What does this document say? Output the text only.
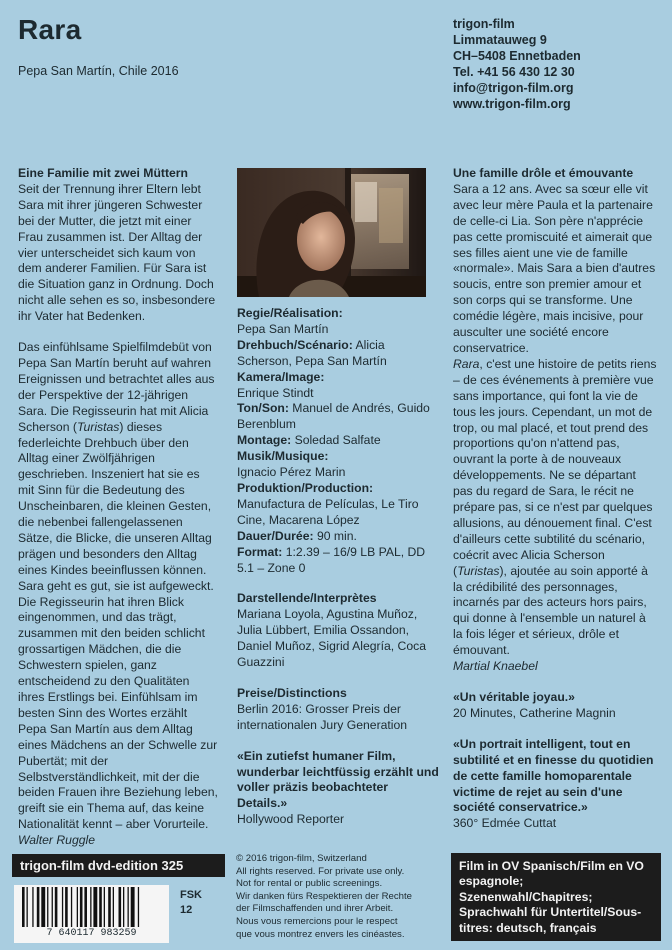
Rara
Pepa San Martín, Chile 2016
trigon-film
Limmatauweg 9
CH–5408 Ennetbaden
Tel. +41 56 430 12 30
info@trigon-film.org
www.trigon-film.org
Eine Familie mit zwei Müttern

Seit der Trennung ihrer Eltern lebt Sara mit ihrer jüngeren Schwester bei der Mutter, die jetzt mit einer Frau zusammen ist. Der Alltag der vier unterscheidet sich kaum von dem anderer Familien. Für Sara ist die Situation ganz in Ordnung. Doch nicht alle sehen es so, insbesondere ihr Vater hat Bedenken.

Das einfühlsame Spielfilmdebüt von Pepa San Martín beruht auf wahren Ereignissen und betrachtet alles aus der Perspektive der 12-jährigen Sara. Die Regisseurin hat mit Alicia Scherson (Turistas) dieses federleichte Drehbuch über den Alltag einer Zwölfjährigen geschrieben. Inszeniert hat sie es mit Sinn für die Bedeutung des Unscheinbaren, die kleinen Gesten, die nebenbei fallengelassenen Sätze, die Blicke, die unseren Alltag prägen und besonders den Alltag eines Kindes beeinflussen können. Sara geht es gut, sie ist aufgeweckt. Die Regisseurin hat ihren Blick eingenommen, und das trägt, zusammen mit den beiden schlicht grossartigen Mädchen, die die Schwestern spielen, ganz entscheidend zu den Qualitäten ihres Erstlings bei. Einfühlsam im besten Sinn des Wortes erzählt Pepa San Martín aus dem Alltag eines Mädchens an der Schwelle zur Pubertät; mit der Selbstverständlichkeit, mit der die beiden Frauen ihre Beziehung leben, greift sie ein Thema auf, das keine Nationalität kennt – aber Vorurteile. Walter Ruggle

Regie/Réalisation:
Pepa San Martín
Drehbuch/Scénario: Alicia Scherson, Pepa San Martín
Kamera/Image:
Enrique Stindt
Ton/Son: Manuel de Andrés, Guido Berenblum
Montage: Soledad Salfate
Musik/Musique:
Ignacio Pérez Marin
Produktion/Production:
Manufactura de Películas, Le Tiro Cine, Macarena López
Dauer/Durée: 90 min.
Format: 1:2.39 – 16/9 LB PAL, DD 5.1 – Zone 0
Darstellende/Interprètes

Mariana Loyola, Agustina Muñoz, Julia Lübbert, Emilia Ossandon, Daniel Muñoz, Sigrid Alegría, Coca Guazzini

Preise/Distinctions

Berlin 2016: Grosser Preis der internationalen Jury Generation

«Ein zutiefst humaner Film, wunderbar leichtfüssig erzählt und voller präzis beobachteter Details.»
Hollywood Reporter
Une famille drôle et émouvante
Sara a 12 ans. Avec sa sœur elle vit avec leur mère Paula et la partenaire de celle-ci Lia. Son père n'apprécie pas cette promiscuité et aimerait que ses filles aient une vie de famille «normale». Mais Sara a bien d'autres soucis, entre son premier amour et son corps qui se transforme. Une comédie légère, mais incisive, pour ausculter une société encore conservatrice.

Rara, c'est une histoire de petits riens – de ces événements à première vue sans importance, qui font la vie de tous les jours. Cependant, un mot de trop, ou mal placé, et tout prend des proportions qu'on n'attend pas, ouvrant la porte à de nouveaux développements. Ne se départant pas du regard de Sara, le récit ne prépare pas, si ce n'est par quelques allusions, au dénouement final. C'est d'ailleurs cette subtilité du scénario, coécrit avec Alicia Scherson (Turistas), ajoutée au soin apporté à la crédibilité des personnages, incarnés par des acteurs hors pairs, qui donne à l'ensemble un naturel à la fois léger et sérieux, drôle et émouvant.
Martial Knaebel

«Un véritable joyau.»

20 Minutes, Catherine Magnin

«Un portrait intelligent, tout en subtilité et en finesse du quotidien de cette famille homoparentale victime de rejet au sein d'une société conservatrice.»
360° Edmée Cuttat
trigon-film dvd-edition 325
7 640117 983259
FSK
12
© 2016 trigon-film, Switzerland
All rights reserved. For private use only.
Not for rental or public screenings.
Wir danken fürs Respektieren der Rechte
der Filmschaffenden und ihrer Arbeit.
Nous vous remercions pour le respect
que vous montrez envers les cinéastes.
Film in OV Spanisch/Film en VO espagnole; Szenenwahl/Chapitres; Sprachwahl für Untertitel/Sous-titres: deutsch, français
